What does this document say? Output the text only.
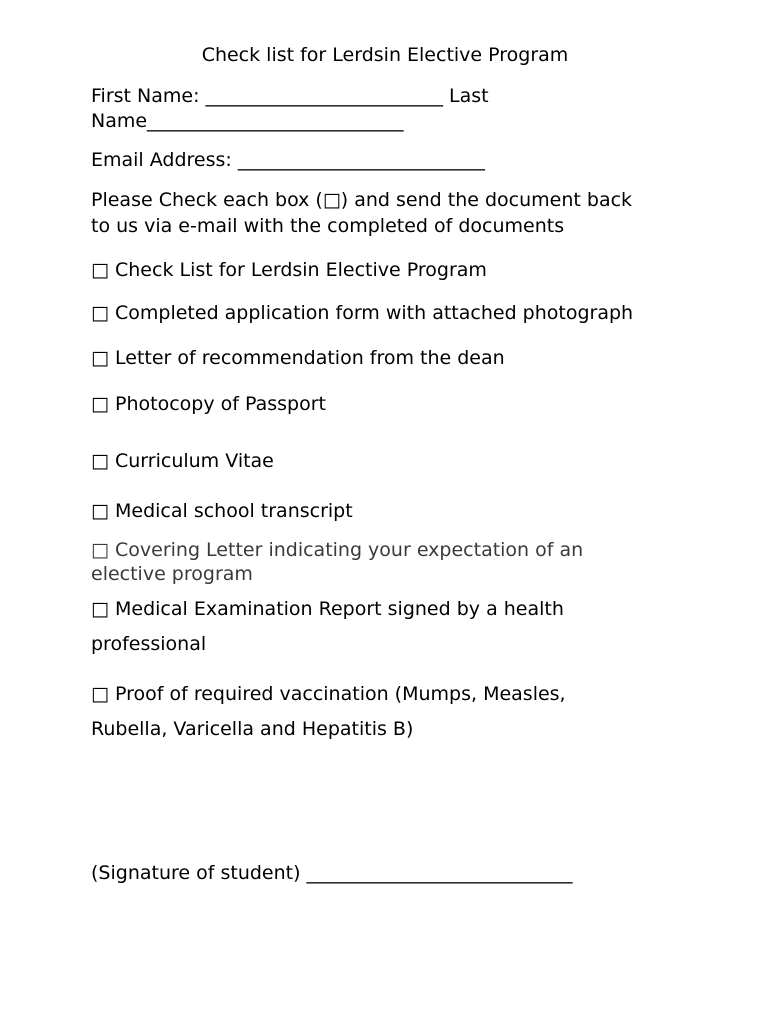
Check list for Lerdsin Elective Program
First Name: _________________________ Last
Name___________________________
Email Address: __________________________
Please Check each box (□) and send the document back
to us via e-mail with the completed of documents
□ Check List for Lerdsin Elective Program
□ Completed application form with attached photograph
□ Letter of recommendation from the dean
□ Photocopy of Passport
□ Curriculum Vitae
□ Medical school transcript
□ Covering Letter indicating your expectation of an
elective program
□ Medical Examination Report signed by a health
professional
□ Proof of required vaccination (Mumps, Measles,
Rubella, Varicella and Hepatitis B)
(Signature of student) ____________________________
